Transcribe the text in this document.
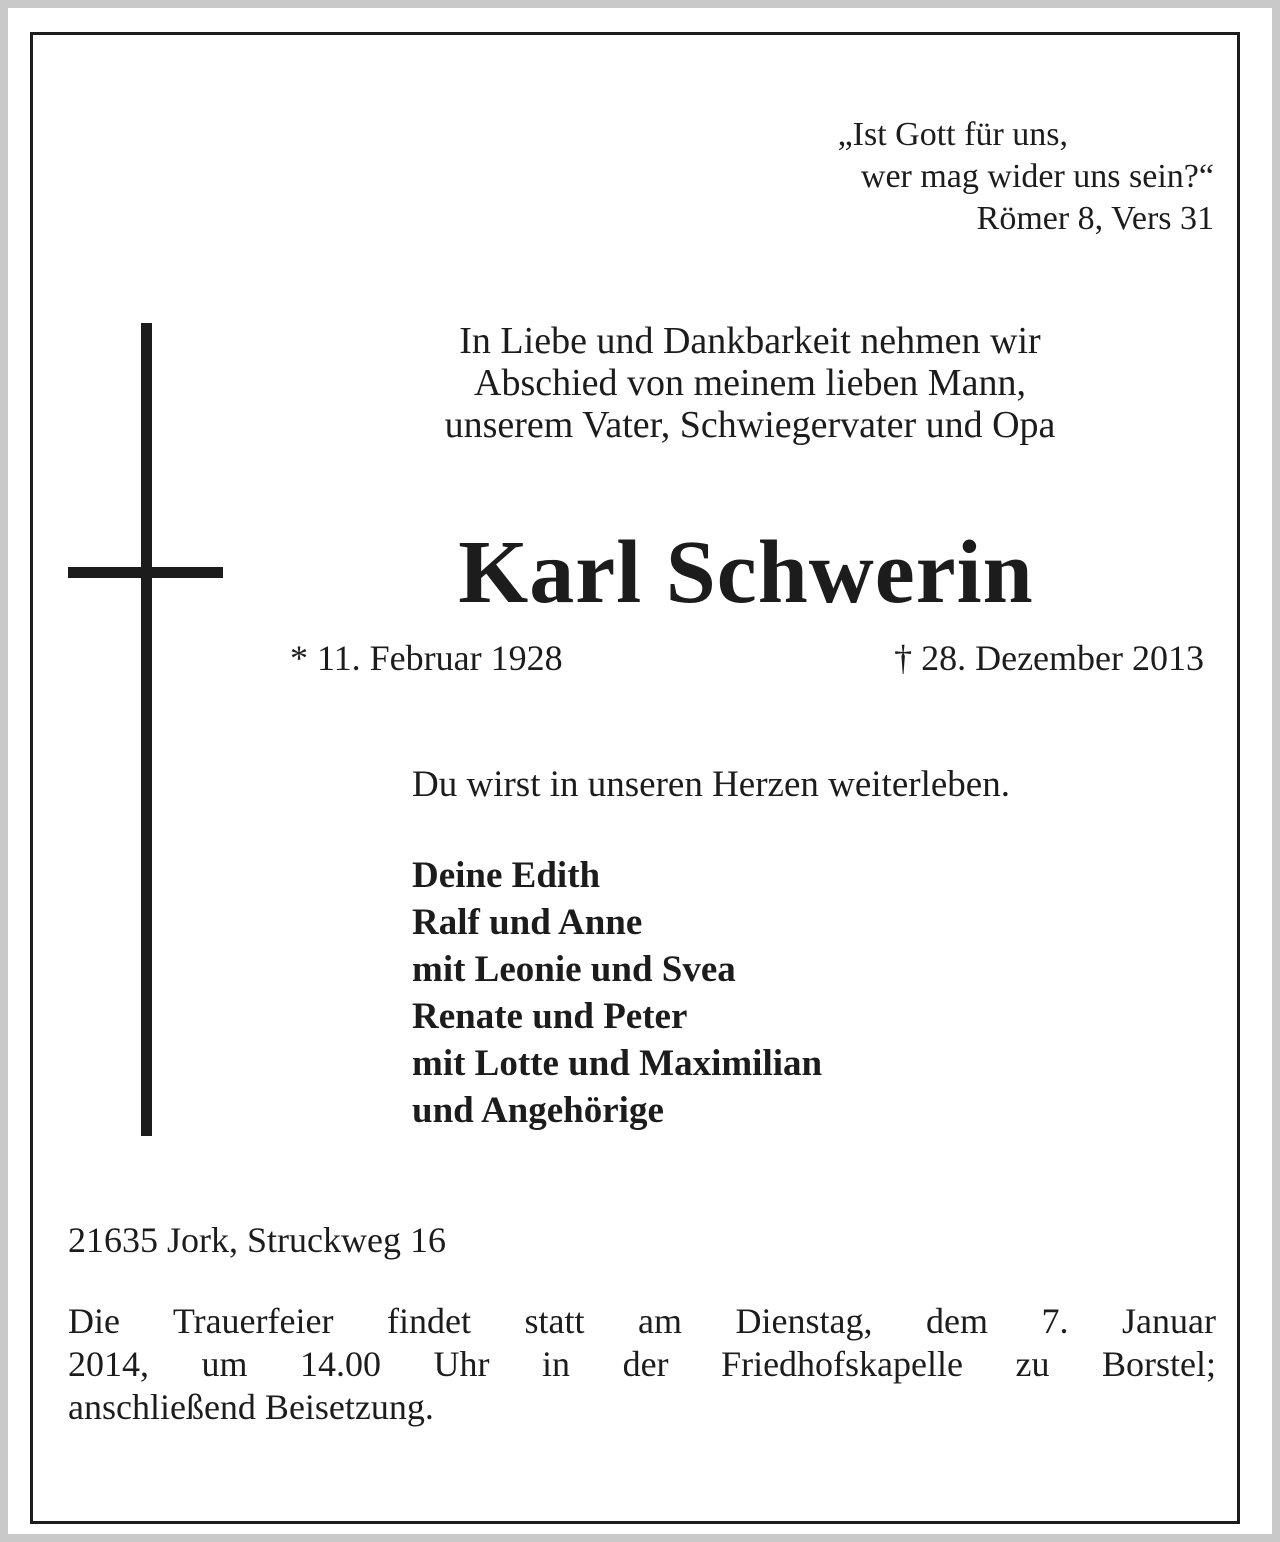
„Ist Gott für uns,
wer mag wider uns sein?“
Römer 8, Vers 31
In Liebe und Dankbarkeit nehmen wir
Abschied von meinem lieben Mann,
unserem Vater, Schwiegervater und Opa
Karl Schwerin
* 11. Februar 1928	† 28. Dezember 2013
Du wirst in unseren Herzen weiterleben.
Deine Edith
Ralf und Anne
mit Leonie und Svea
Renate und Peter
mit Lotte und Maximilian
und Angehörige
21635 Jork, Struckweg 16
Die Trauerfeier findet statt am Dienstag, dem 7. Januar
2014, um 14.00 Uhr in der Friedhofskapelle zu Borstel;
anschließend Beisetzung.
